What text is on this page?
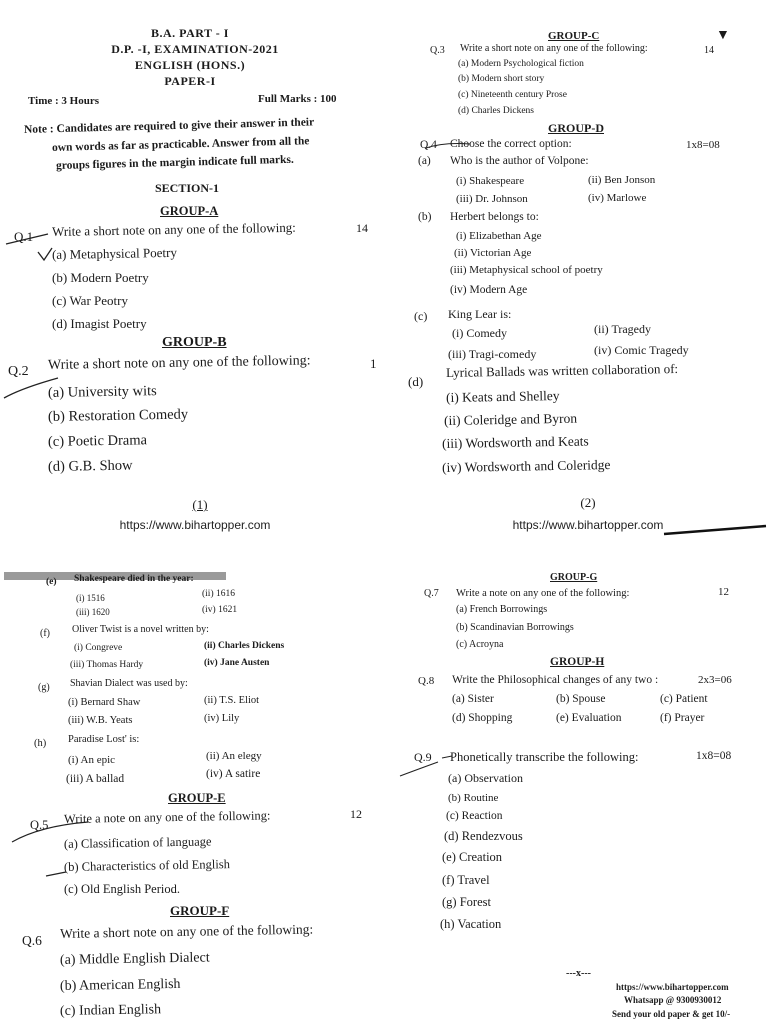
B.A. PART - I
D.P. -I, EXAMINATION-2021
ENGLISH (HONS.)
PAPER-I
Time : 3 Hours	Full Marks : 100
Note : Candidates are required to give their answer in their
own words as far as practicable. Answer from all the
groups figures in the margin indicate full marks.
SECTION-1
GROUP-A
Q.1 Write a short note on any one of the following:	14
(a) Metaphysical Poetry
(b) Modern Poetry
(c) War Peotry
(d) Imagist Poetry
GROUP-B
Q.2 Write a short note on any one of the following:	1
(a) University wits
(b) Restoration Comedy
(c) Poetic Drama
(d) G.B. Show
(1)
https://www.bihartopper.com
GROUP-C	▼
Q.3 Write a short note on any one of the following:	14
(a) Modern Psychological fiction
(b) Modern short story
(c) Nineteenth century Prose
(d) Charles Dickens
GROUP-D
Q.4 Choose the correct option:	1x8=08
(a) Who is the author of Volpone:
(i) Shakespeare	(ii) Ben Jonson
(iii) Dr. Johnson	(iv) Marlowe
(b) Herbert belongs to:
(i) Elizabethan Age
(ii) Victorian Age
(iii) Metaphysical school of poetry
(iv) Modern Age
(c) King Lear is:
(i) Comedy	(ii) Tragedy
(iii) Tragi-comedy	(iv) Comic Tragedy
(d)
Lyrical Ballads was written collaboration of:
(i) Keats and Shelley
(ii) Coleridge and Byron
(iii) Wordsworth and Keats
(iv) Wordsworth and Coleridge
(2)
https://www.bihartopper.com
(e) Shakespeare died in the year:
(i) 1516	(ii) 1616
(iii) 1620	(iv) 1621
(f) Oliver Twist is a novel written by:
(i) Congreve	(ii) Charles Dickens
(iii) Thomas Hardy	(iv) Jane Austen
(g) Shavian Dialect was used by:
(i) Bernard Shaw	(ii) T.S. Eliot
(iii) W.B. Yeats	(iv) Lily
(h) Paradise Lost' is:
(i) An epic	(ii) An elegy
(iii) A ballad	(iv) A satire
GROUP-E
Q.5 Write a note on any one of the following:	12
(a) Classification of language
(b) Characteristics of old English
(c) Old English Period.
GROUP-F
Q.6 Write a short note on any one of the following:
(a) Middle English Dialect
(b) American English
(c) Indian English
GROUP-G
Q.7 Write a note on any one of the following:	12
(a) French Borrowings
(b) Scandinavian Borrowings
(c) Acroyna
GROUP-H
Q.8 Write the Philosophical changes of any two :	2x3=06
(a) Sister	(b) Spouse	(c) Patient
(d) Shopping	(e) Evaluation	(f) Prayer
Q.9 Phonetically transcribe the following:	1x8=08
(a) Observation
(b) Routine
(c) Reaction
(d) Rendezvous
(e) Creation
(f) Travel
(g) Forest
(h) Vacation
---x---
https://www.bihartopper.com
Whatsapp @ 9300930012
Send your old paper & get 10/-
